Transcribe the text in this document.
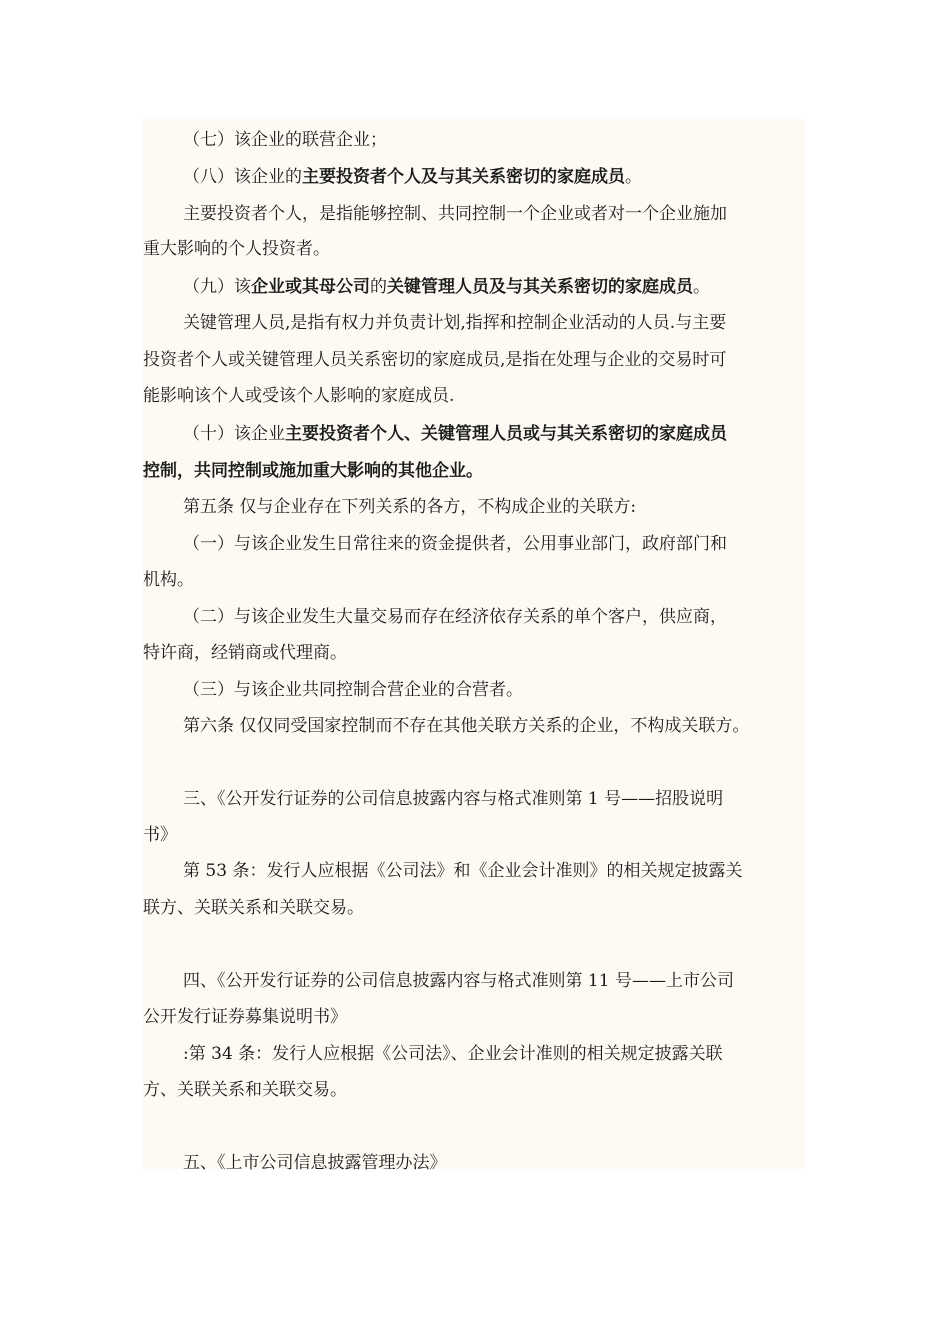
（七）该企业的联营企业；

（八）该企业的主要投资者个人及与其关系密切的家庭成员。

主要投资者个人，是指能够控制、共同控制一个企业或者对一个企业施加

重大影响的个人投资者。

（九）该企业或其母公司的关键管理人员及与其关系密切的家庭成员。

关键管理人员,是指有权力并负责计划,指挥和控制企业活动的人员.与主要

投资者个人或关键管理人员关系密切的家庭成员,是指在处理与企业的交易时可

能影响该个人或受该个人影响的家庭成员.

（十）该企业主要投资者个人、关键管理人员或与其关系密切的家庭成员

控制，共同控制或施加重大影响的其他企业。

第五条 仅与企业存在下列关系的各方，不构成企业的关联方:

（一）与该企业发生日常往来的资金提供者，公用事业部门，政府部门和

机构。

（二）与该企业发生大量交易而存在经济依存关系的单个客户，供应商，

特许商，经销商或代理商。

（三）与该企业共同控制合营企业的合营者。

第六条 仅仅同受国家控制而不存在其他关联方关系的企业，不构成关联方。

三、《公开发行证券的公司信息披露内容与格式准则第 1 号——招股说明

书》

第 53 条：发行人应根据《公司法》和《企业会计准则》的相关规定披露关

联方、关联关系和关联交易。

四、《公开发行证券的公司信息披露内容与格式准则第 11 号——上市公司

公开发行证券募集说明书》

:第 34 条：发行人应根据《公司法》、企业会计准则的相关规定披露关联

方、关联关系和关联交易。

五、《上市公司信息披露管理办法》
